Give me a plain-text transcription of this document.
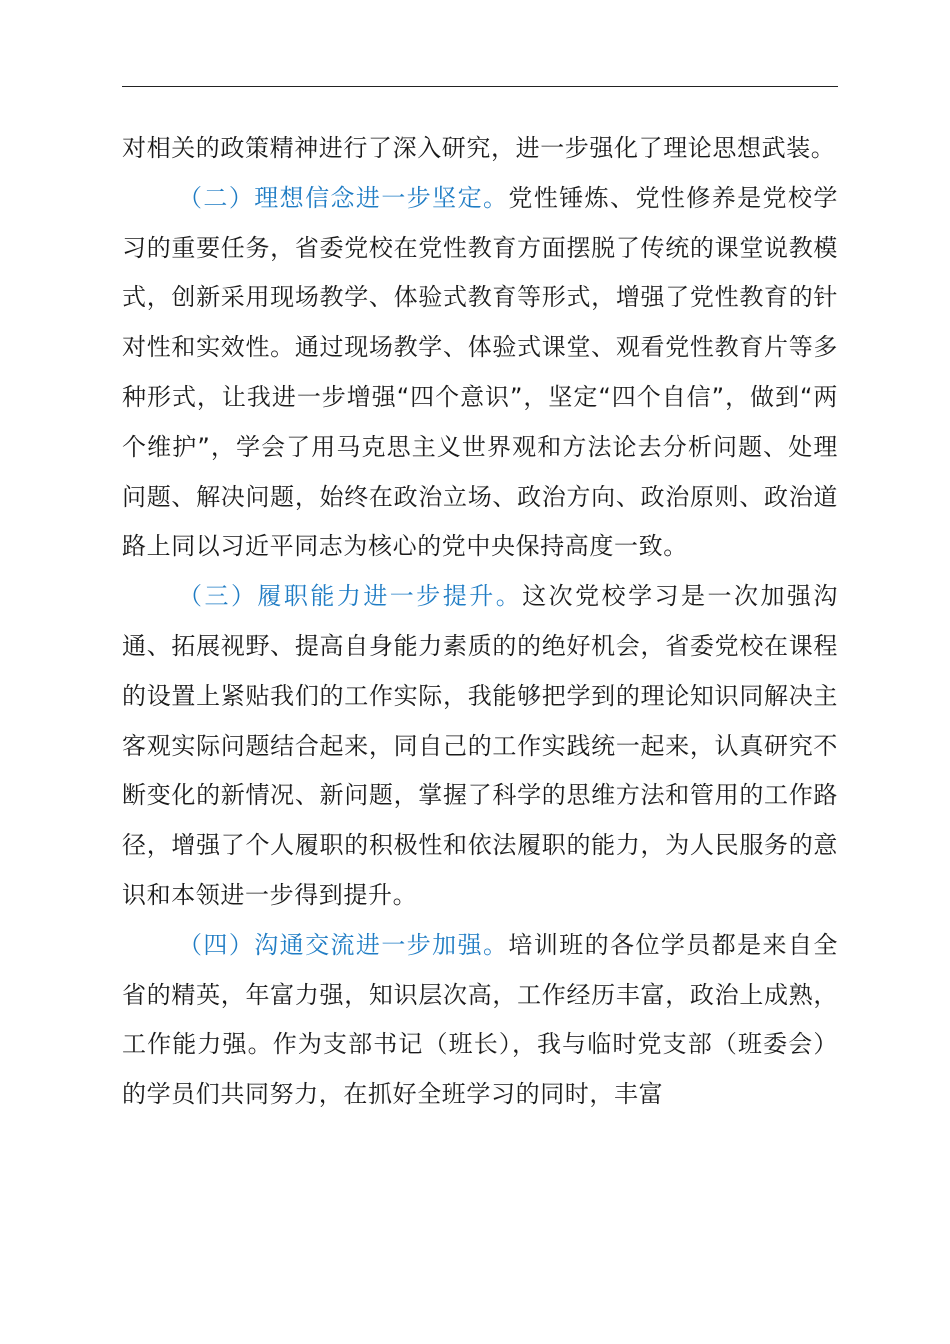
对相关的政策精神进行了深入研究，进一步强化了理论思想武装。

（二）理想信念进一步坚定。党性锤炼、党性修养是党校学习的重要任务，省委党校在党性教育方面摆脱了传统的课堂说教模式，创新采用现场教学、体验式教育等形式，增强了党性教育的针对性和实效性。通过现场教学、体验式课堂、观看党性教育片等多种形式，让我进一步增强“四个意识”，坚定“四个自信”，做到“两个维护”，学会了用马克思主义世界观和方法论去分析问题、处理问题、解决问题，始终在政治立场、政治方向、政治原则、政治道路上同以习近平同志为核心的党中央保持高度一致。

（三）履职能力进一步提升。这次党校学习是一次加强沟通、拓展视野、提高自身能力素质的的绝好机会，省委党校在课程的设置上紧贴我们的工作实际，我能够把学到的理论知识同解决主客观实际问题结合起来，同自己的工作实践统一起来，认真研究不断变化的新情况、新问题，掌握了科学的思维方法和管用的工作路径，增强了个人履职的积极性和依法履职的能力，为人民服务的意识和本领进一步得到提升。

（四）沟通交流进一步加强。培训班的各位学员都是来自全省的精英，年富力强，知识层次高，工作经历丰富，政治上成熟，工作能力强。作为支部书记（班长），我与临时党支部（班委会）的学员们共同努力，在抓好全班学习的同时，丰富
